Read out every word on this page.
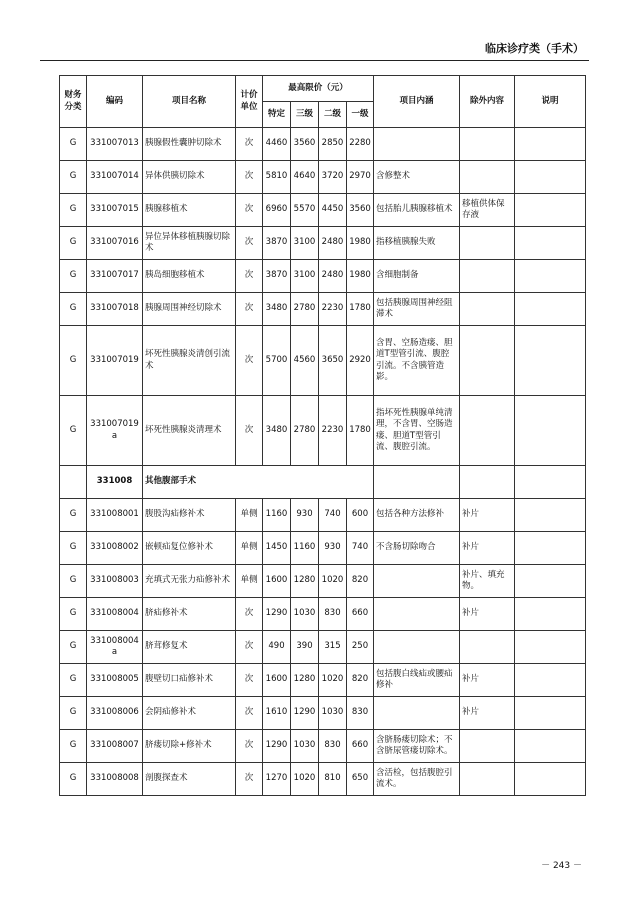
临床诊疗类（手术）
财务分类	编码	项目名称	计价单位	最高限价（元）				项目内涵	除外内容	说明
				特定	三级	二级	一级			
G	331007013	胰腺假性囊肿切除术	次	4460	3560	2850	2280			
G	331007014	异体供胰切除术	次	5810	4640	3720	2970	含修整术		
G	331007015	胰腺移植术	次	6960	5570	4450	3560	包括胎儿胰腺移植术	移植供体保存液	
G	331007016	异位异体移植胰腺切除术	次	3870	3100	2480	1980	指移植胰腺失败		
G	331007017	胰岛细胞移植术	次	3870	3100	2480	1980	含细胞制备		
G	331007018	胰腺周围神经切除术	次	3480	2780	2230	1780	包括胰腺周围神经阻滞术		
G	331007019	坏死性胰腺炎清创引流术	次	5700	4560	3650	2920	含胃、空肠造瘘、胆道T型管引流、腹腔引流。不含胰管造影。		
G	331007019a	坏死性胰腺炎清理术	次	3480	2780	2230	1780	指坏死性胰腺单纯清理，不含胃、空肠造瘘、胆道T型管引流、腹腔引流。		
	331008	其他腹部手术								
G	331008001	腹股沟疝修补术	单侧	1160	930	740	600	包括各种方法修补	补片	
G	331008002	嵌顿疝复位修补术	单侧	1450	1160	930	740	不含肠切除吻合	补片	
G	331008003	充填式无张力疝修补术	单侧	1600	1280	1020	820		补片、填充物。	
G	331008004	脐疝修补术	次	1290	1030	830	660		补片	
G	331008004a	脐茸修复术	次	490	390	315	250			
G	331008005	腹壁切口疝修补术	次	1600	1280	1020	820	包括腹白线疝或腰疝修补	补片	
G	331008006	会阴疝修补术	次	1610	1290	1030	830		补片	
G	331008007	脐瘘切除+修补术	次	1290	1030	830	660	含脐肠瘘切除术；不含脐尿管瘘切除术。		
G	331008008	剖腹探查术	次	1270	1020	810	650	含活检，包括腹腔引流术。		
－ 243 －
